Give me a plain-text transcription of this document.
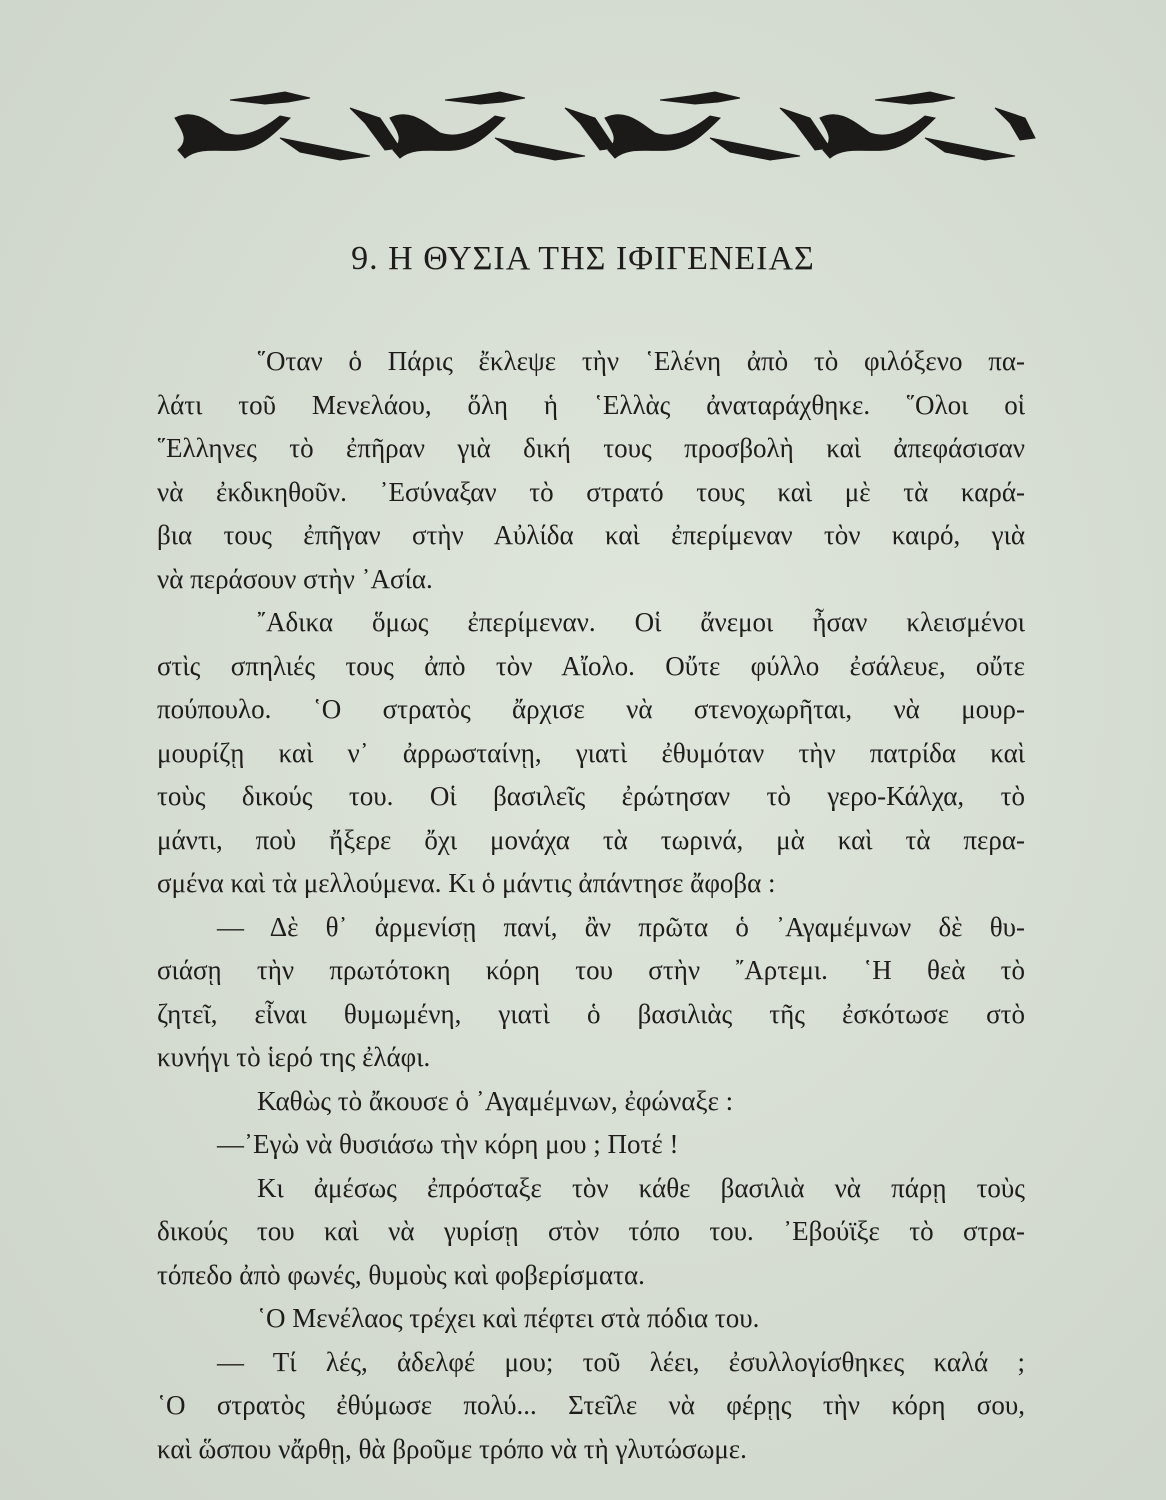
9. Η ΘΥΣΙΑ ΤΗΣ ΙΦΙΓΕΝΕΙΑΣ
῞Οταν ὁ Πάρις ἔκλεψε τὴν ῾Ελένη ἀπὸ τὸ φιλόξενο πα-
λάτι τοῦ Μενελάου, ὅλη ἡ ῾Ελλὰς ἀναταράχθηκε. ῞Ολοι οἱ
῞Ελληνες τὸ ἐπῆραν γιὰ δική τους προσβολὴ καὶ ἀπεφάσισαν
νὰ ἐκδικηθοῦν. ᾿Εσύναξαν τὸ στρατό τους καὶ μὲ τὰ καρά-
βια τους ἐπῆγαν στὴν Αὐλίδα καὶ ἐπερίμεναν τὸν καιρό, γιὰ
νὰ περάσουν στὴν ᾿Ασία.
῎Αδικα ὅμως ἐπερίμεναν. Οἱ ἄνεμοι ἦσαν κλεισμένοι
στὶς σπηλιές τους ἀπὸ τὸν Αἴολο. Οὔτε φύλλο ἐσάλευε, οὔτε
πούπουλο. ῾Ο στρατὸς ἄρχισε νὰ στενοχωρῆται, νὰ μουρ-
μουρίζῃ καὶ ν᾿ ἀρρωσταίνῃ, γιατὶ ἐθυμόταν τὴν πατρίδα καὶ
τοὺς δικούς του. Οἱ βασιλεῖς ἐρώτησαν τὸ γερο-Κάλχα, τὸ
μάντι, ποὺ ἤξερε ὄχι μονάχα τὰ τωρινά, μὰ καὶ τὰ περα-
σμένα καὶ τὰ μελλούμενα. Κι ὁ μάντις ἀπάντησε ἄφοβα :
— Δὲ θ᾿ ἀρμενίσῃ πανί, ἂν πρῶτα ὁ ᾿Αγαμέμνων δὲ θυ-
σιάσῃ τὴν πρωτότοκη κόρη του στὴν ῎Αρτεμι. ῾Η θεὰ τὸ
ζητεῖ, εἶναι θυμωμένη, γιατὶ ὁ βασιλιὰς τῆς ἐσκότωσε στὸ
κυνήγι τὸ ἱερό της ἐλάφι.
Καθὼς τὸ ἄκουσε ὁ ᾿Αγαμέμνων, ἐφώναξε :
—᾿Εγὼ νὰ θυσιάσω τὴν κόρη μου ; Ποτέ !
Κι ἀμέσως ἐπρόσταξε τὸν κάθε βασιλιὰ νὰ πάρῃ τοὺς
δικούς του καὶ νὰ γυρίσῃ στὸν τόπο του. ᾿Εβούϊξε τὸ στρα-
τόπεδο ἀπὸ φωνές, θυμοὺς καὶ φοβερίσματα.
῾Ο Μενέλαος τρέχει καὶ πέφτει στὰ πόδια του.
— Τί λές, ἀδελφέ μου; τοῦ λέει, ἐσυλλογίσθηκες καλά ;
῾Ο στρατὸς ἐθύμωσε πολύ... Στεῖλε νὰ φέρῃς τὴν κόρη σου,
καὶ ὥσπου νἄρθῃ, θὰ βροῦμε τρόπο νὰ τὴ γλυτώσωμε.
